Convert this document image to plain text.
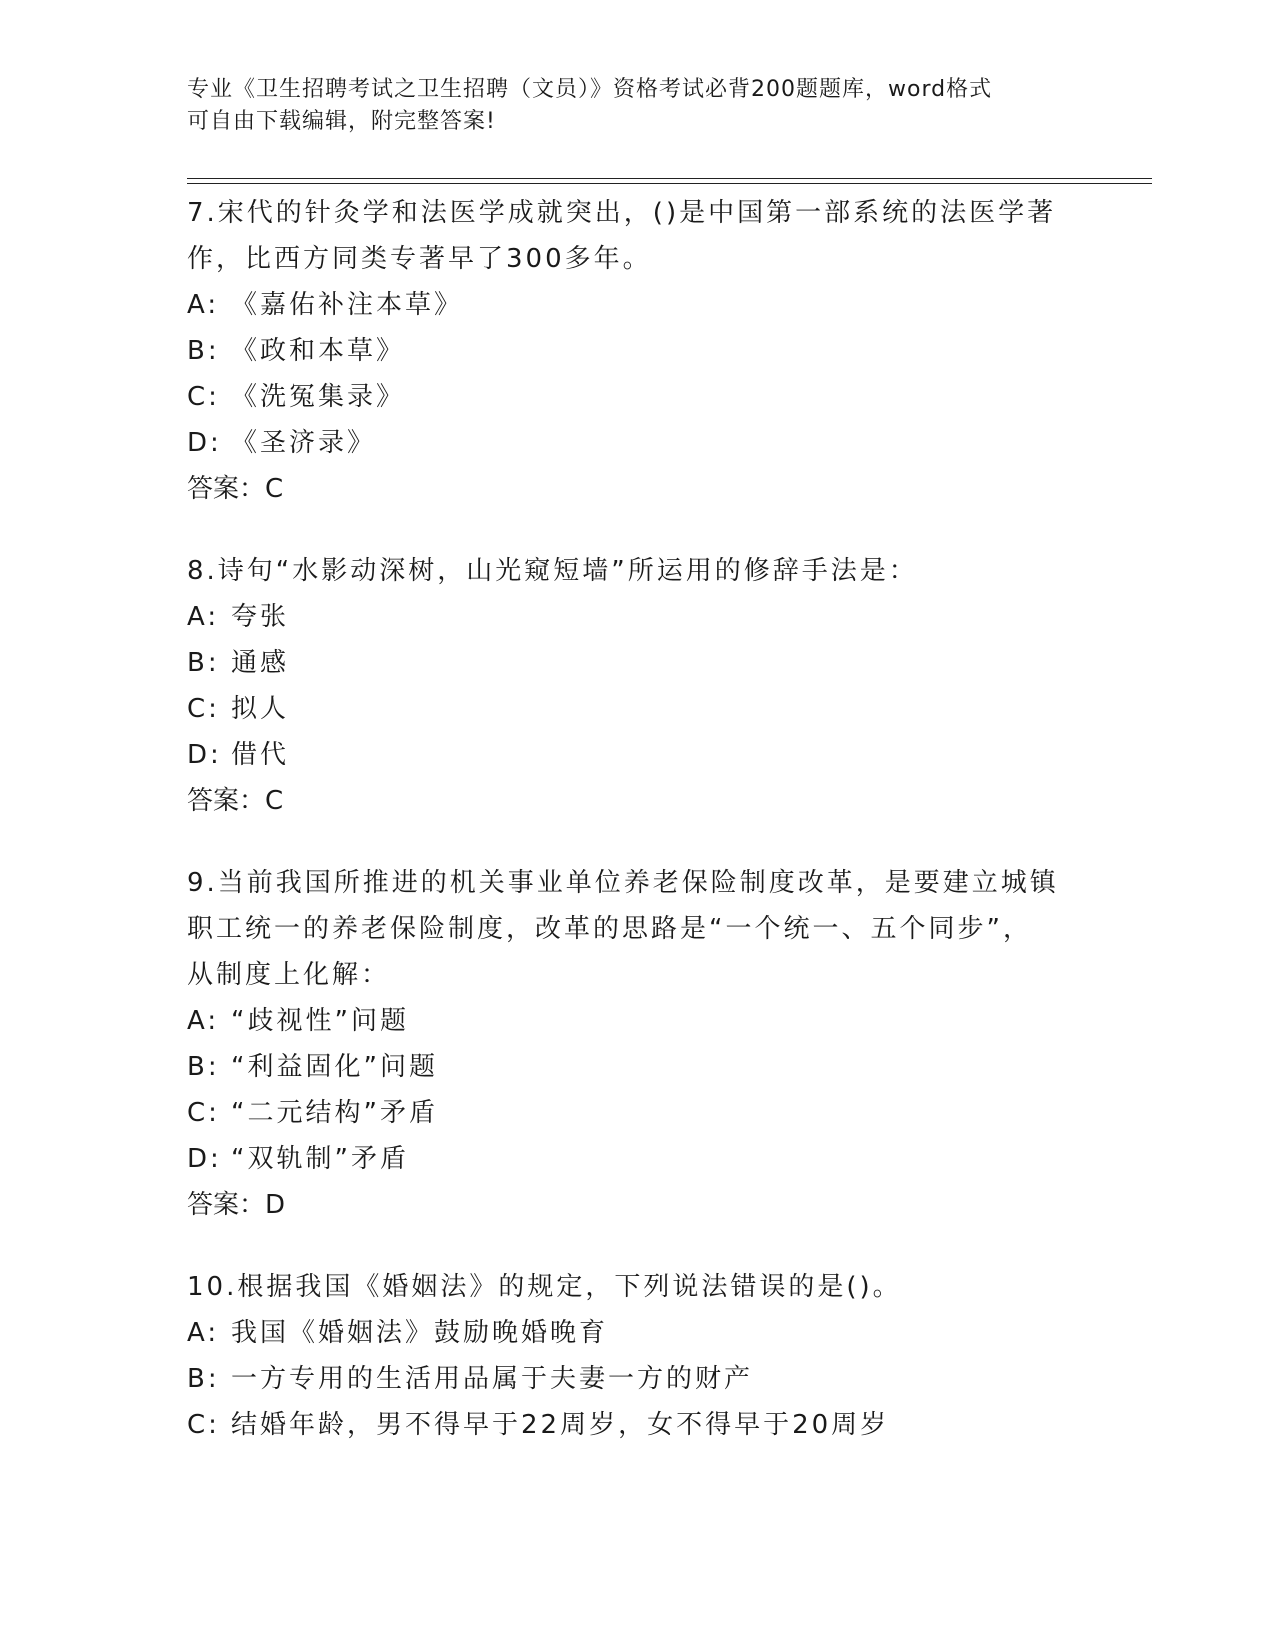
专业《卫生招聘考试之卫生招聘（文员）》资格考试必背200题题库，word格式
可自由下载编辑，附完整答案!
7.宋代的针灸学和法医学成就突出，()是中国第一部系统的法医学著
作，比西方同类专著早了300多年。
A: 《嘉佑补注本草》
B: 《政和本草》
C: 《洗冤集录》
D: 《圣济录》
答案：C
8.诗句“水影动深树，山光窥短墙”所运用的修辞手法是：
A: 夸张
B: 通感
C: 拟人
D: 借代
答案：C
9.当前我国所推进的机关事业单位养老保险制度改革，是要建立城镇
职工统一的养老保险制度，改革的思路是“一个统一、五个同步”，
从制度上化解：
A: “歧视性”问题
B: “利益固化”问题
C: “二元结构”矛盾
D: “双轨制”矛盾
答案：D
10.根据我国《婚姻法》的规定，下列说法错误的是()。
A: 我国《婚姻法》鼓励晚婚晚育
B: 一方专用的生活用品属于夫妻一方的财产
C: 结婚年龄，男不得早于22周岁，女不得早于20周岁
